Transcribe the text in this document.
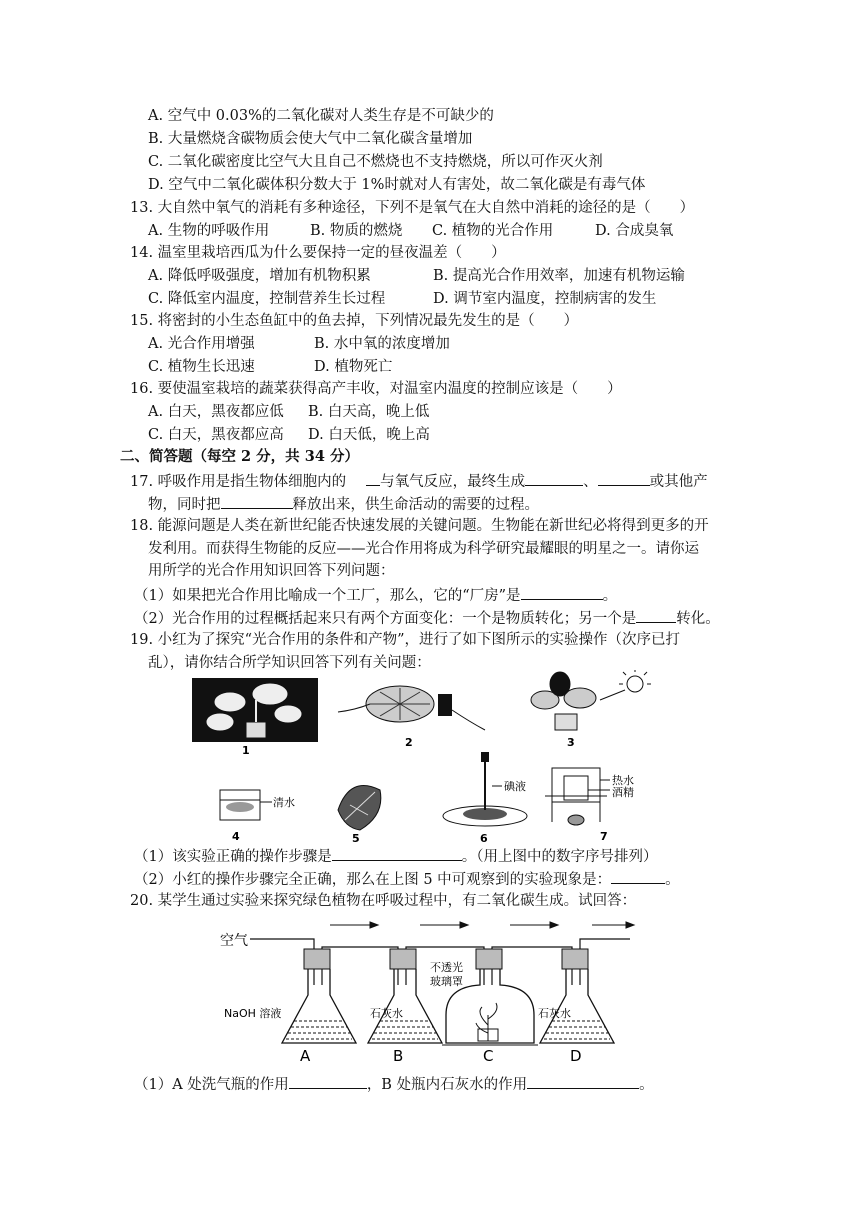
A. 空气中 0.03%的二氧化碳对人类生存是不可缺少的
B. 大量燃烧含碳物质会使大气中二氧化碳含量增加
C. 二氧化碳密度比空气大且自己不燃烧也不支持燃烧，所以可作灭火剂
D. 空气中二氧化碳体积分数大于 1%时就对人有害处，故二氧化碳是有毒气体
13. 大自然中氧气的消耗有多种途径，下列不是氧气在大自然中消耗的途径的是（　　）
A. 生物的呼吸作用	B. 物质的燃烧 C. 植物的光合作用	D. 合成臭氧
14. 温室里栽培西瓜为什么要保持一定的昼夜温差（　　）
A. 降低呼吸强度，增加有机物积累	B. 提高光合作用效率，加速有机物运输
C. 降低室内温度，控制营养生长过程	D. 调节室内温度，控制病害的发生
15. 将密封的小生态鱼缸中的鱼去掉，下列情况最先发生的是（　　）
A. 光合作用增强	B. 水中氧的浓度增加
C. 植物生长迅速	D. 植物死亡
16. 要使温室栽培的蔬菜获得高产丰收，对温室内温度的控制应该是（　　）
A. 白天，黑夜都应低 B. 白天高，晚上低
C. 白天，黑夜都应高 D. 白天低，晚上高
二、简答题（每空 2 分，共 34 分）
17. 呼吸作用是指生物体细胞内的 与氧气反应，最终生成	、	或其他产
物，同时把	释放出来，供生命活动的需要的过程。
18. 能源问题是人类在新世纪能否快速发展的关键问题。生物能在新世纪必将得到更多的开
发利用。而获得生物能的反应——光合作用将成为科学研究最耀眼的明星之一。请你运
用所学的光合作用知识回答下列问题：
（1）如果把光合作用比喻成一个工厂，那么，它的“厂房”是	。
（2）光合作用的过程概括起来只有两个方面变化：一个是物质转化；另一个是	转化。
19. 小红为了探究“光合作用的条件和产物”，进行了如下图所示的实验操作（次序已打
乱），请你结合所学知识回答下列有关问题：
1
2	3
清水
4	5
碘液
6
热水
酒精
7
（1）该实验正确的操作步骤是	。（用上图中的数字序号排列）
（2）小红的操作步骤完全正确，那么在上图 5 中可观察到的实验现象是：	。
20. 某学生通过实验来探究绿色植物在呼吸过程中，有二氧化碳生成。试回答：
空气
NaOH 溶液	石灰水
不透光
玻璃罩
石灰水
A	B	C	D
（1）A 处洗气瓶的作用	，B 处瓶内石灰水的作用	。
